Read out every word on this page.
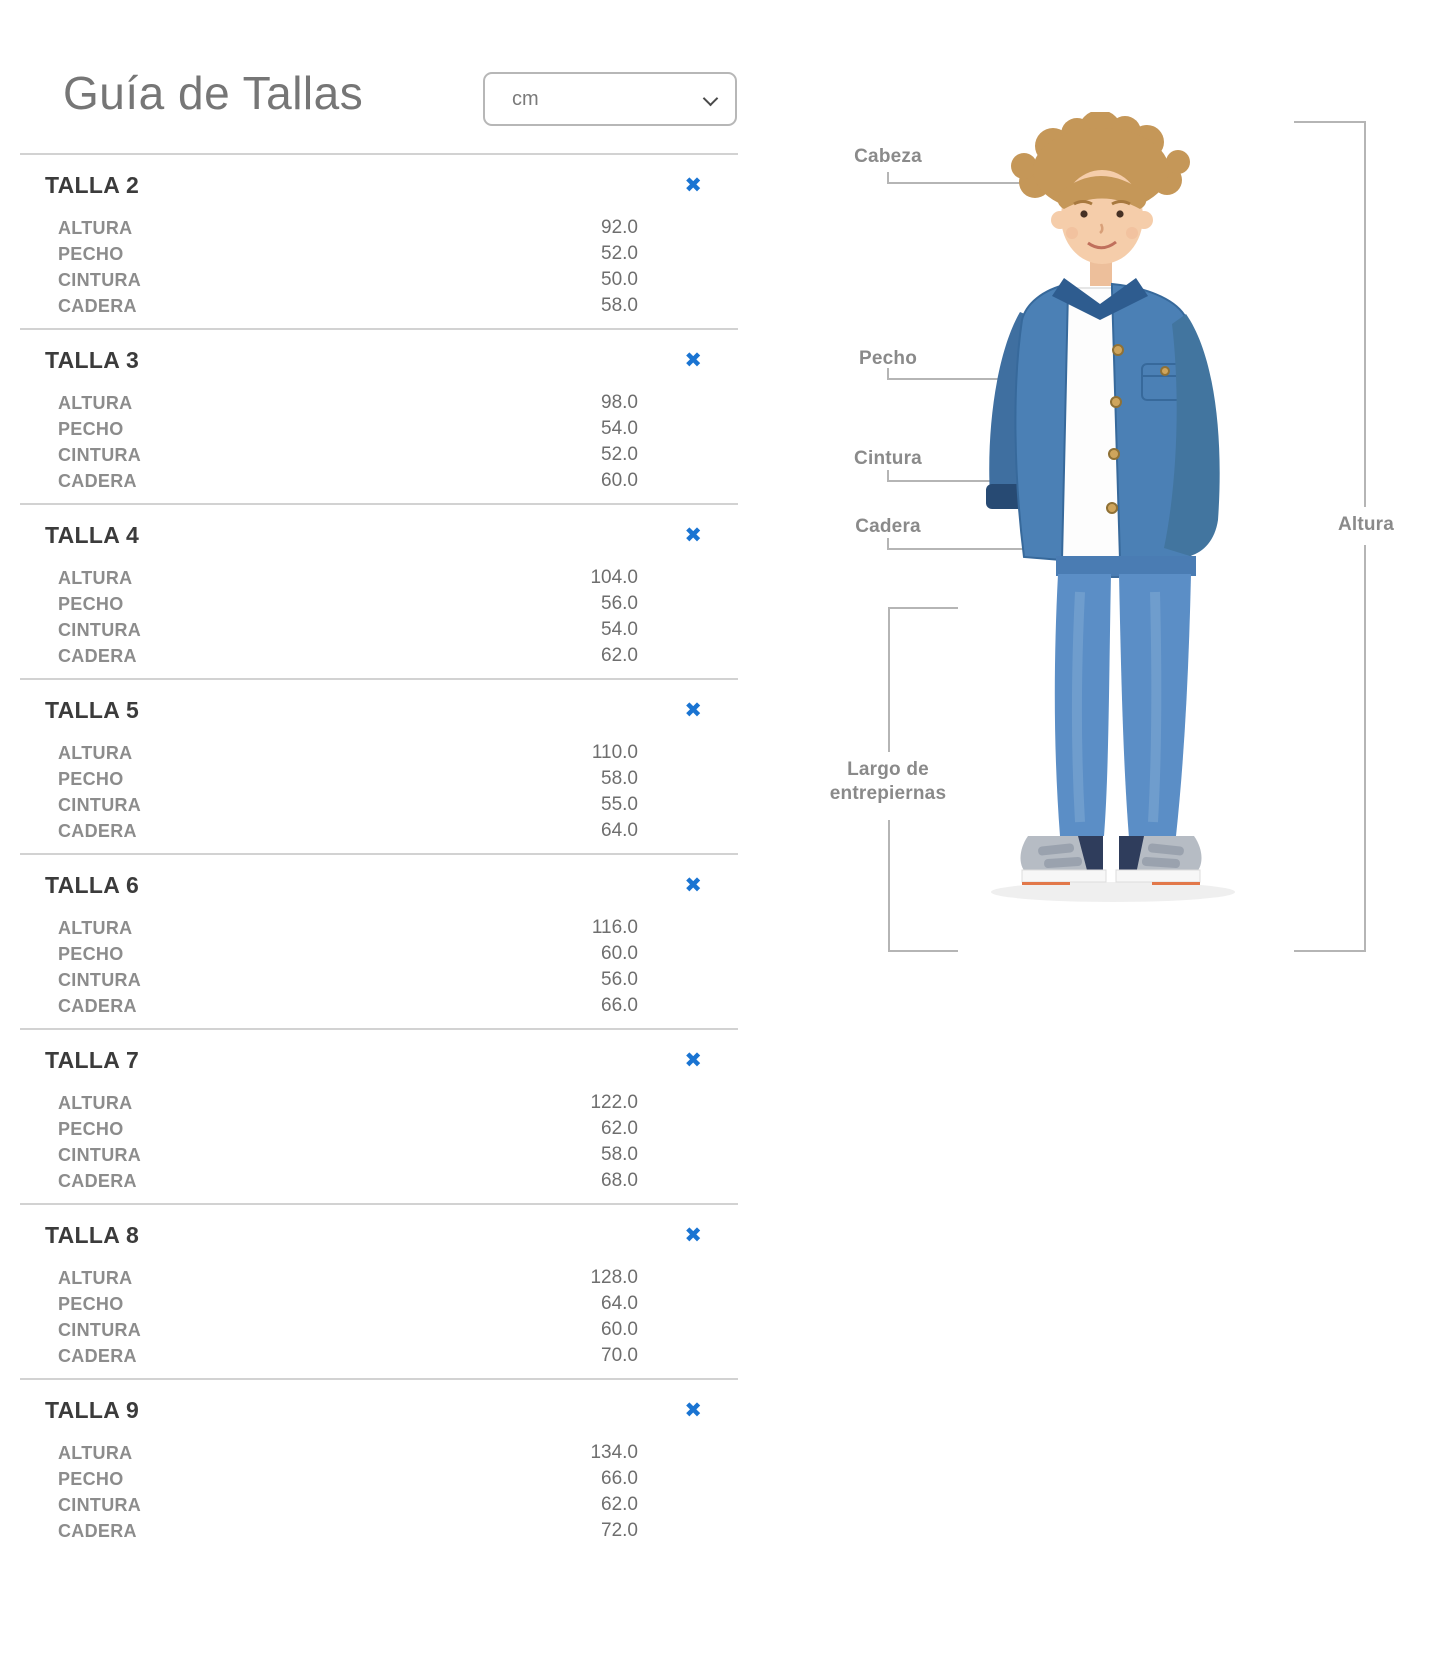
Guía de Tallas	cm
TALLA 2	✖
ALTURA	92.0
PECHO	52.0
CINTURA	50.0
CADERA	58.0
TALLA 3	✖
ALTURA	98.0
PECHO	54.0
CINTURA	52.0
CADERA	60.0
TALLA 4	✖
ALTURA	104.0
PECHO	56.0
CINTURA	54.0
CADERA	62.0
TALLA 5	✖
ALTURA	110.0
PECHO	58.0
CINTURA	55.0
CADERA	64.0
TALLA 6	✖
ALTURA	116.0
PECHO	60.0
CINTURA	56.0
CADERA	66.0
TALLA 7	✖
ALTURA	122.0
PECHO	62.0
CINTURA	58.0
CADERA	68.0
TALLA 8	✖
ALTURA	128.0
PECHO	64.0
CINTURA	60.0
CADERA	70.0
TALLA 9	✖
ALTURA	134.0
PECHO	66.0
CINTURA	62.0
CADERA	72.0
Cabeza
Pecho
Cintura
Cadera	Altura
Largo de
entrepiernas
